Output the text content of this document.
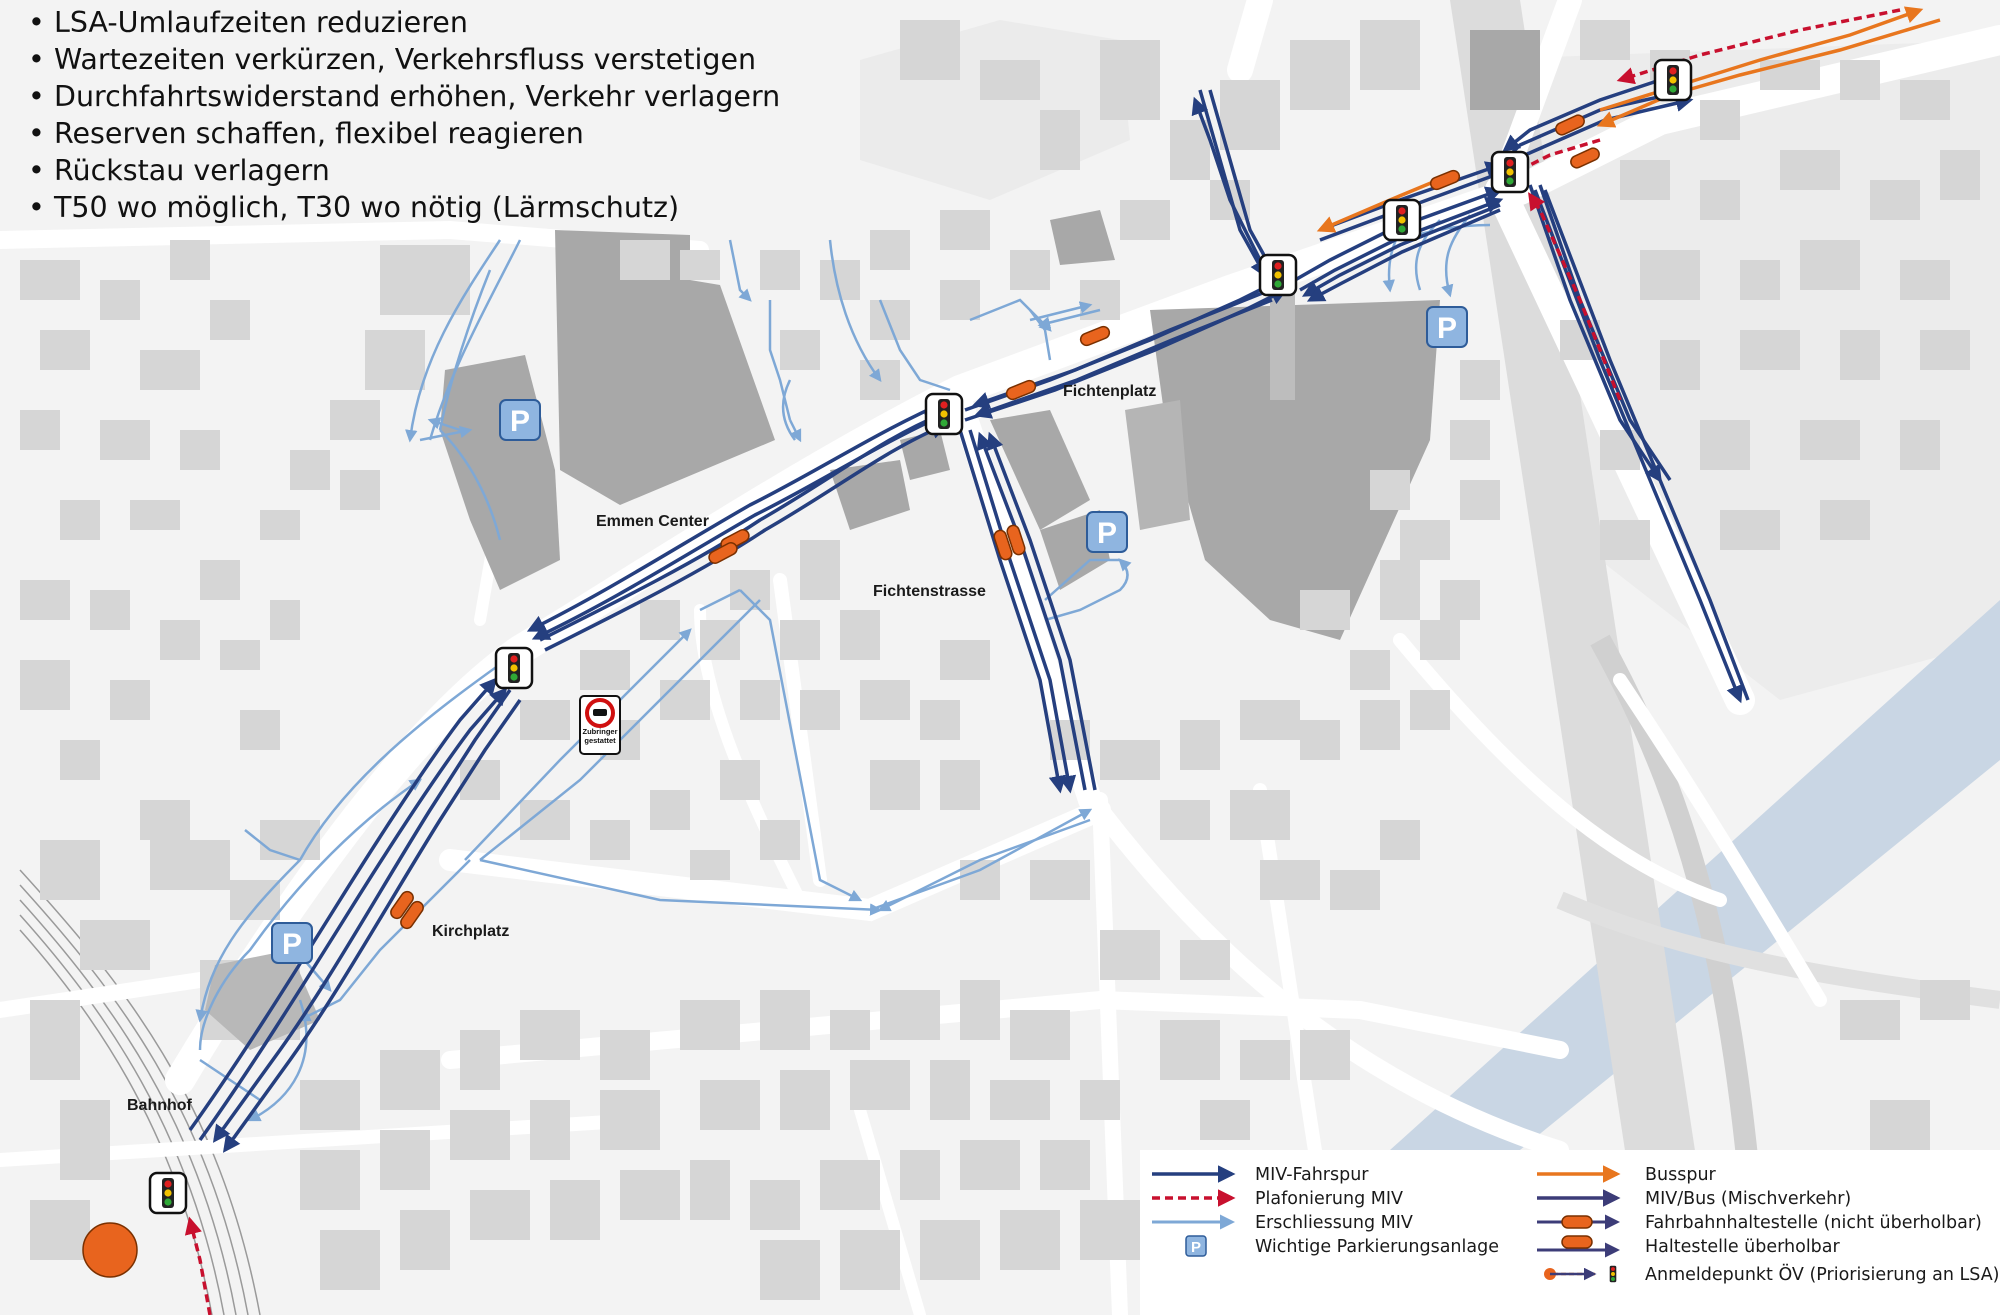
P
P
P
P
Zubringer
gestattet
Emmen Center
Fichtenplatz
Fichtenstrasse
Kirchplatz
Bahnhof
MIV-Fahrspur
Plafonierung MIV
Erschliessung MIV
P	Wichtige Parkierungsanlage
Busspur
MIV/Bus (Mischverkehr)
Fahrbahnhaltestelle (nicht überholbar)
Haltestelle überholbar
Anmeldepunkt ÖV (Priorisierung an LSA)
• LSA-Umlaufzeiten reduzieren
• Wartezeiten verkürzen, Verkehrsfluss verstetigen
• Durchfahrtswiderstand erhöhen, Verkehr verlagern
• Reserven schaffen, flexibel reagieren
• Rückstau verlagern
• T50 wo möglich, T30 wo nötig (Lärmschutz)
